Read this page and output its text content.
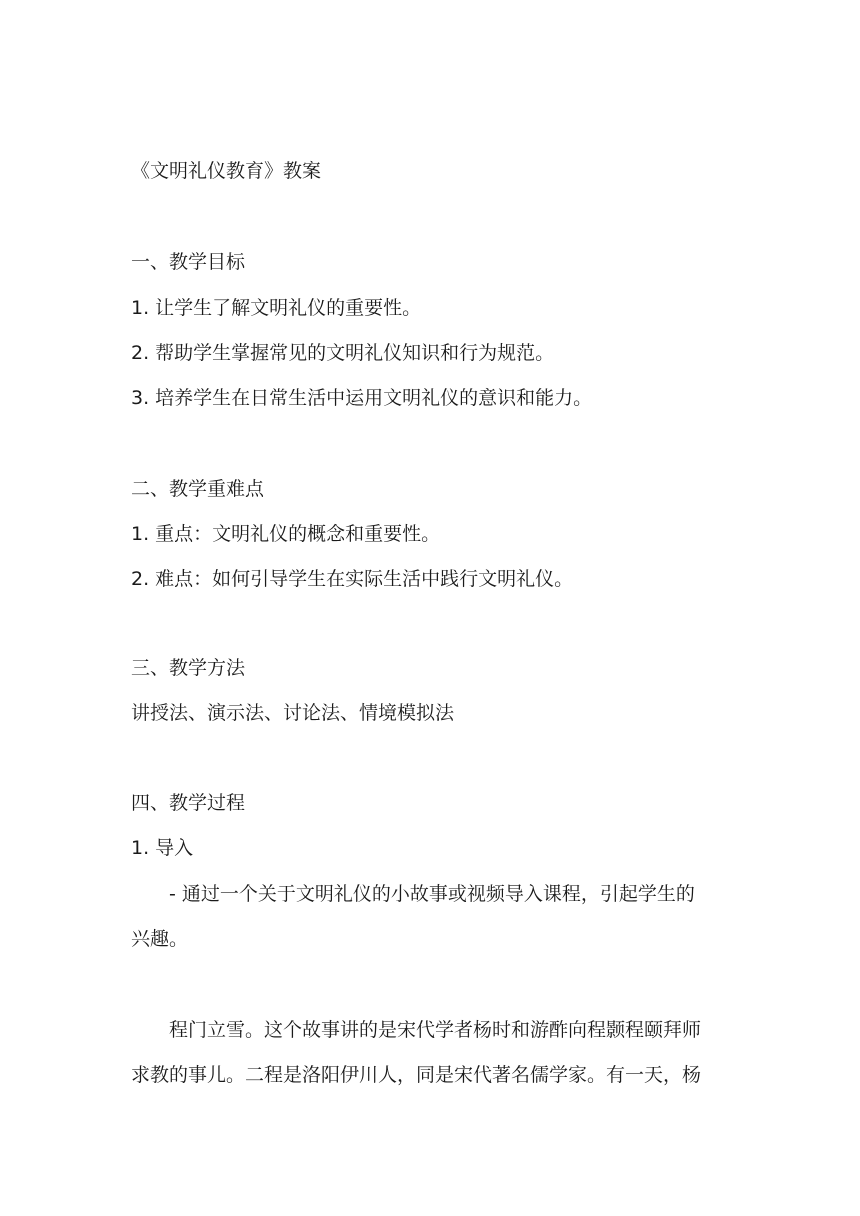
《文明礼仪教育》教案
一、教学目标
1. 让学生了解文明礼仪的重要性。
2. 帮助学生掌握常见的文明礼仪知识和行为规范。
3. 培养学生在日常生活中运用文明礼仪的意识和能力。
二、教学重难点
1. 重点：文明礼仪的概念和重要性。
2. 难点：如何引导学生在实际生活中践行文明礼仪。
三、教学方法
讲授法、演示法、讨论法、情境模拟法
四、教学过程
1. 导入
- 通过一个关于文明礼仪的小故事或视频导入课程，引起学生的
兴趣。
程门立雪。这个故事讲的是宋代学者杨时和游酢向程颢程颐拜师
求教的事儿。二程是洛阳伊川人，同是宋代著名儒学家。有一天，杨
